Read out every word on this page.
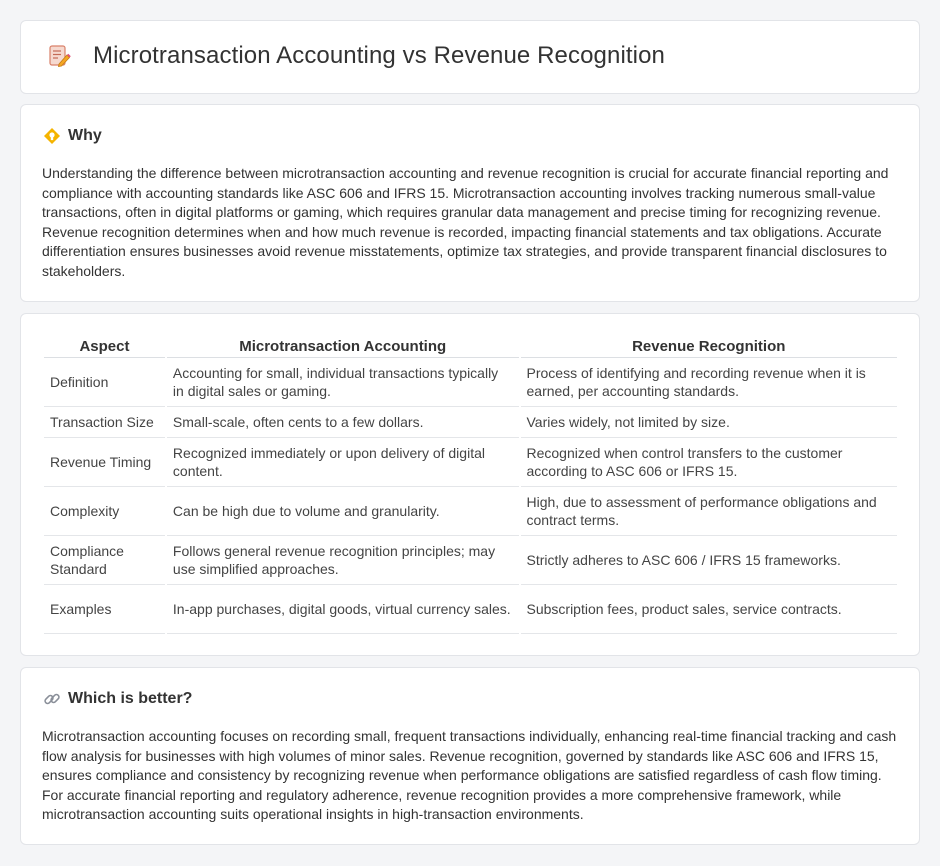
Microtransaction Accounting vs Revenue Recognition
Why

Understanding the difference between microtransaction accounting and revenue recognition is crucial for accurate financial reporting and compliance with accounting standards like ASC 606 and IFRS 15. Microtransaction accounting involves tracking numerous small-value transactions, often in digital platforms or gaming, which requires granular data management and precise timing for recognizing revenue. Revenue recognition determines when and how much revenue is recorded, impacting financial statements and tax obligations. Accurate differentiation ensures businesses avoid revenue misstatements, optimize tax strategies, and provide transparent financial disclosures to stakeholders.

Aspect	Microtransaction Accounting	Revenue Recognition
Definition	Accounting for small, individual transactions typically in digital sales or gaming.	Process of identifying and recording revenue when it is earned, per accounting standards.
Transaction Size	Small-scale, often cents to a few dollars.	Varies widely, not limited by size.
Revenue Timing	Recognized immediately or upon delivery of digital content.	Recognized when control transfers to the customer according to ASC 606 or IFRS 15.
Complexity	Can be high due to volume and granularity.	High, due to assessment of performance obligations and contract terms.
Compliance Standard	Follows general revenue recognition principles; may use simplified approaches.	Strictly adheres to ASC 606 / IFRS 15 frameworks.
Examples	In-app purchases, digital goods, virtual currency sales.	Subscription fees, product sales, service contracts.
Which is better?

Microtransaction accounting focuses on recording small, frequent transactions individually, enhancing real-time financial tracking and cash flow analysis for businesses with high volumes of minor sales. Revenue recognition, governed by standards like ASC 606 and IFRS 15, ensures compliance and consistency by recognizing revenue when performance obligations are satisfied regardless of cash flow timing. For accurate financial reporting and regulatory adherence, revenue recognition provides a more comprehensive framework, while microtransaction accounting suits operational insights in high-transaction environments.
